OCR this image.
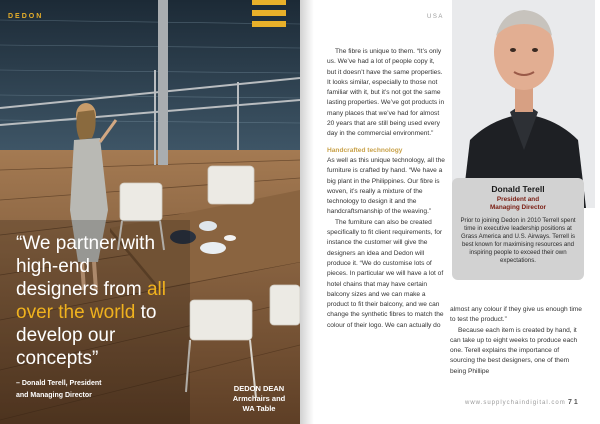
DEDON
“We partner with high-end designers from all over the world to develop our concepts”
– Donald Terell, President
and Managing Director
DEDON DEAN
Armchairs and
WA Table
USA

The fibre is unique to them. “It’s only us. We’ve had a lot of people copy it, but it doesn’t have the same properties. It looks similar, especially to those not familiar with it, but it’s not got the same lasting properties. We’ve got products in many places that we’ve had for almost 20 years that are still being used every day in the commercial environment.”

Handcrafted technology

As well as this unique technology, all the furniture is crafted by hand. “We have a big plant in the Philippines. Our fibre is woven, it’s really a mixture of the technology to design it and the handcraftsmanship of the weaving.”

The furniture can also be created specifically to fit client requirements, for instance the customer will give the designers an idea and Dedon will produce it. “We do customise lots of pieces. In particular we will have a lot of hotel chains that may have certain balcony sizes and we can make a product to fit their balcony, and we can change the synthetic fibres to match the colour of their logo. We can actually do

Donald Terell
President and
Managing Director
Prior to joining Dedon in 2010 Terrell spent time in executive leadership positions at Grass America and U.S. Airways. Terrell is best known for maximising resources and inspiring people to exceed their own expectations.

almost any colour if they give us enough time to test the product.”

Because each item is created by hand, it can take up to eight weeks to produce each one. Terell explains the importance of sourcing the best designers, one of them being Phillipe

www.supplychaindigital.com 71
